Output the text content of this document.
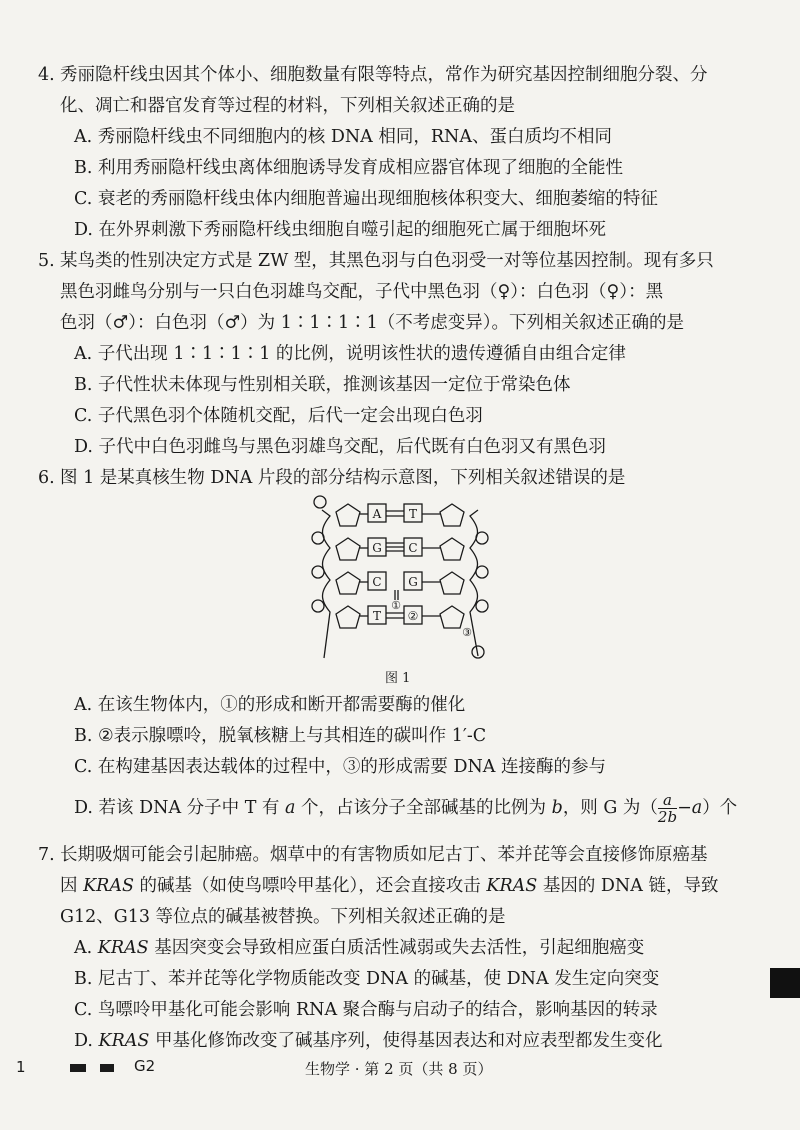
4. 秀丽隐杆线虫因其个体小、细胞数量有限等特点，常作为研究基因控制细胞分裂、分

化、凋亡和器官发育等过程的材料，下列相关叙述正确的是

A. 秀丽隐杆线虫不同细胞内的核 DNA 相同，RNA、蛋白质均不相同

B. 利用秀丽隐杆线虫离体细胞诱导发育成相应器官体现了细胞的全能性

C. 衰老的秀丽隐杆线虫体内细胞普遍出现细胞核体积变大、细胞萎缩的特征

D. 在外界刺激下秀丽隐杆线虫细胞自噬引起的细胞死亡属于细胞坏死

5. 某鸟类的性别决定方式是 ZW 型，其黑色羽与白色羽受一对等位基因控制。现有多只

黑色羽雌鸟分别与一只白色羽雄鸟交配，子代中黑色羽（♀）：白色羽（♀）：黑

色羽（♂）：白色羽（♂）为 1∶1∶1∶1（不考虑变异）。下列相关叙述正确的是

A. 子代出现 1∶1∶1∶1 的比例，说明该性状的遗传遵循自由组合定律

B. 子代性状未体现与性别相关联，推测该基因一定位于常染色体

C. 子代黑色羽个体随机交配，后代一定会出现白色羽

D. 子代中白色羽雌鸟与黑色羽雄鸟交配，后代既有白色羽又有黑色羽

6. 图 1 是某真核生物 DNA 片段的部分结构示意图，下列相关叙述错误的是

A T
G C
C G
T ②
①
③
图 1

A. 在该生物体内，①的形成和断开都需要酶的催化

B. ②表示腺嘌呤，脱氧核糖上与其相连的碳叫作 1′-C

C. 在构建基因表达载体的过程中，③的形成需要 DNA 连接酶的参与

D. 若该 DNA 分子中 T 有 a 个，占该分子全部碱基的比例为 b，则 G 为（ $\frac{a}{2b} -a$）个

7. 长期吸烟可能会引起肺癌。烟草中的有害物质如尼古丁、苯并芘等会直接修饰原癌基

因 KRAS 的碱基（如使鸟嘌呤甲基化），还会直接攻击 KRAS 基因的 DNA 链，导致

G12、G13 等位点的碱基被替换。下列相关叙述正确的是

A. KRAS 基因突变会导致相应蛋白质活性减弱或失去活性，引起细胞癌变

B. 尼古丁、苯并芘等化学物质能改变 DNA 的碱基，使 DNA 发生定向突变

C. 鸟嘌呤甲基化可能会影响 RNA 聚合酶与启动子的结合，影响基因的转录

D. KRAS 甲基化修饰改变了碱基序列，使得基因表达和对应表型都发生变化

1	G2	生物学 · 第 2 页（共 8 页）
